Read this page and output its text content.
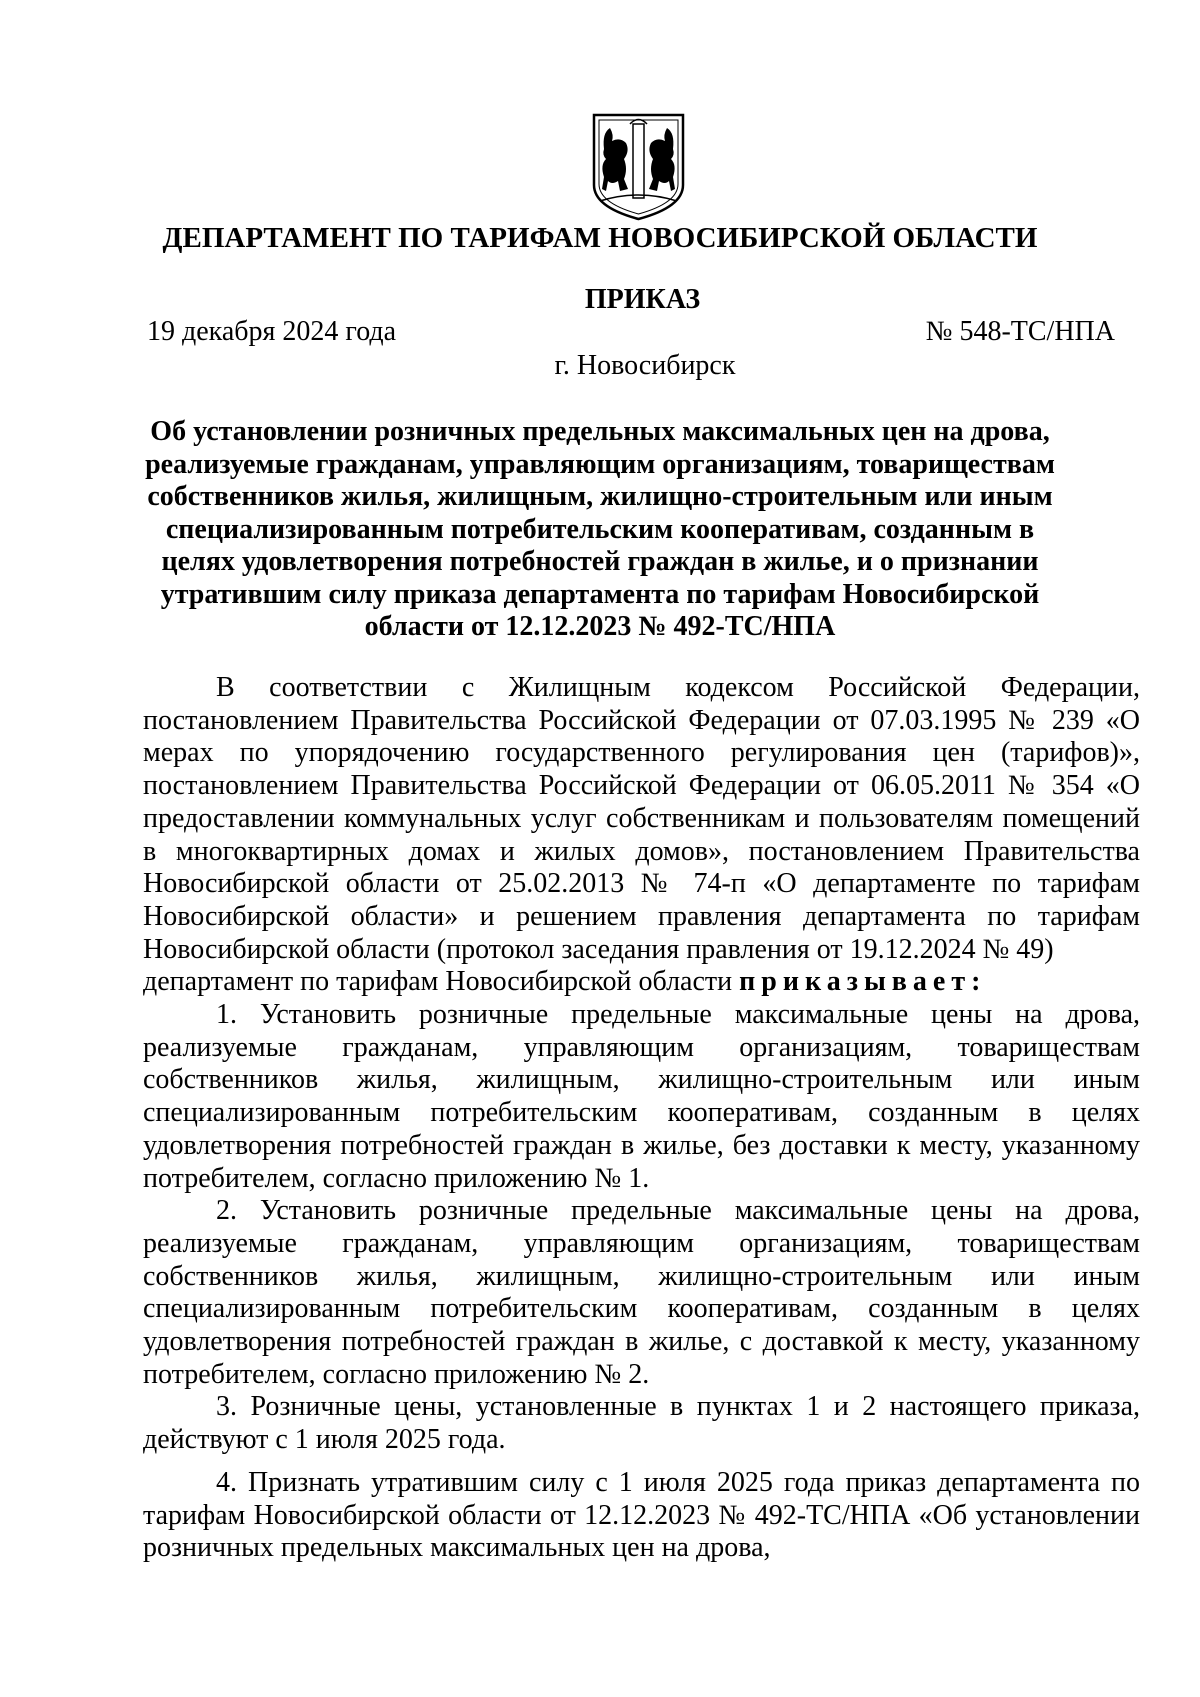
ДЕПАРТАМЕНТ ПО ТАРИФАМ НОВОСИБИРСКОЙ ОБЛАСТИ
ПРИКАЗ
19 декабря 2024 года	№ 548-ТС/НПА
г. Новосибирск
Об установлении розничных предельных максимальных цен на дрова, реализуемые гражданам, управляющим организациям, товариществам собственников жилья, жилищным, жилищно-строительным или иным специализированным потребительским кооперативам, созданным в целях удовлетворения потребностей граждан в жилье, и о признании утратившим силу приказа департамента по тарифам Новосибирской области от 12.12.2023 № 492-ТС/НПА

В соответствии с Жилищным кодексом Российской Федерации, постановлением Правительства Российской Федерации от 07.03.1995 № 239 «О мерах по упорядочению государственного регулирования цен (тарифов)», постановлением Правительства Российской Федерации от 06.05.2011 № 354 «О предоставлении коммунальных услуг собственникам и пользователям помещений в многоквартирных домах и жилых домов», постановлением Правительства Новосибирской области от 25.02.2013 № 74-п «О департаменте по тарифам Новосибирской области» и решением правления департамента по тарифам Новосибирской области (протокол заседания правления от 19.12.2024 № 49)

департамент по тарифам Новосибирской области приказывает:

1. Установить розничные предельные максимальные цены на дрова, реализуемые гражданам, управляющим организациям, товариществам собственников жилья, жилищным, жилищно-строительным или иным специализированным потребительским кооперативам, созданным в целях удовлетворения потребностей граждан в жилье, без доставки к месту, указанному потребителем, согласно приложению № 1.

2. Установить розничные предельные максимальные цены на дрова, реализуемые гражданам, управляющим организациям, товариществам собственников жилья, жилищным, жилищно-строительным или иным специализированным потребительским кооперативам, созданным в целях удовлетворения потребностей граждан в жилье, с доставкой к месту, указанному потребителем, согласно приложению № 2.

3. Розничные цены, установленные в пунктах 1 и 2 настоящего приказа, действуют с 1 июля 2025 года.

4. Признать утратившим силу с 1 июля 2025 года приказ департамента по тарифам Новосибирской области от 12.12.2023 № 492-ТС/НПА «Об установлении розничных предельных максимальных цен на дрова,
